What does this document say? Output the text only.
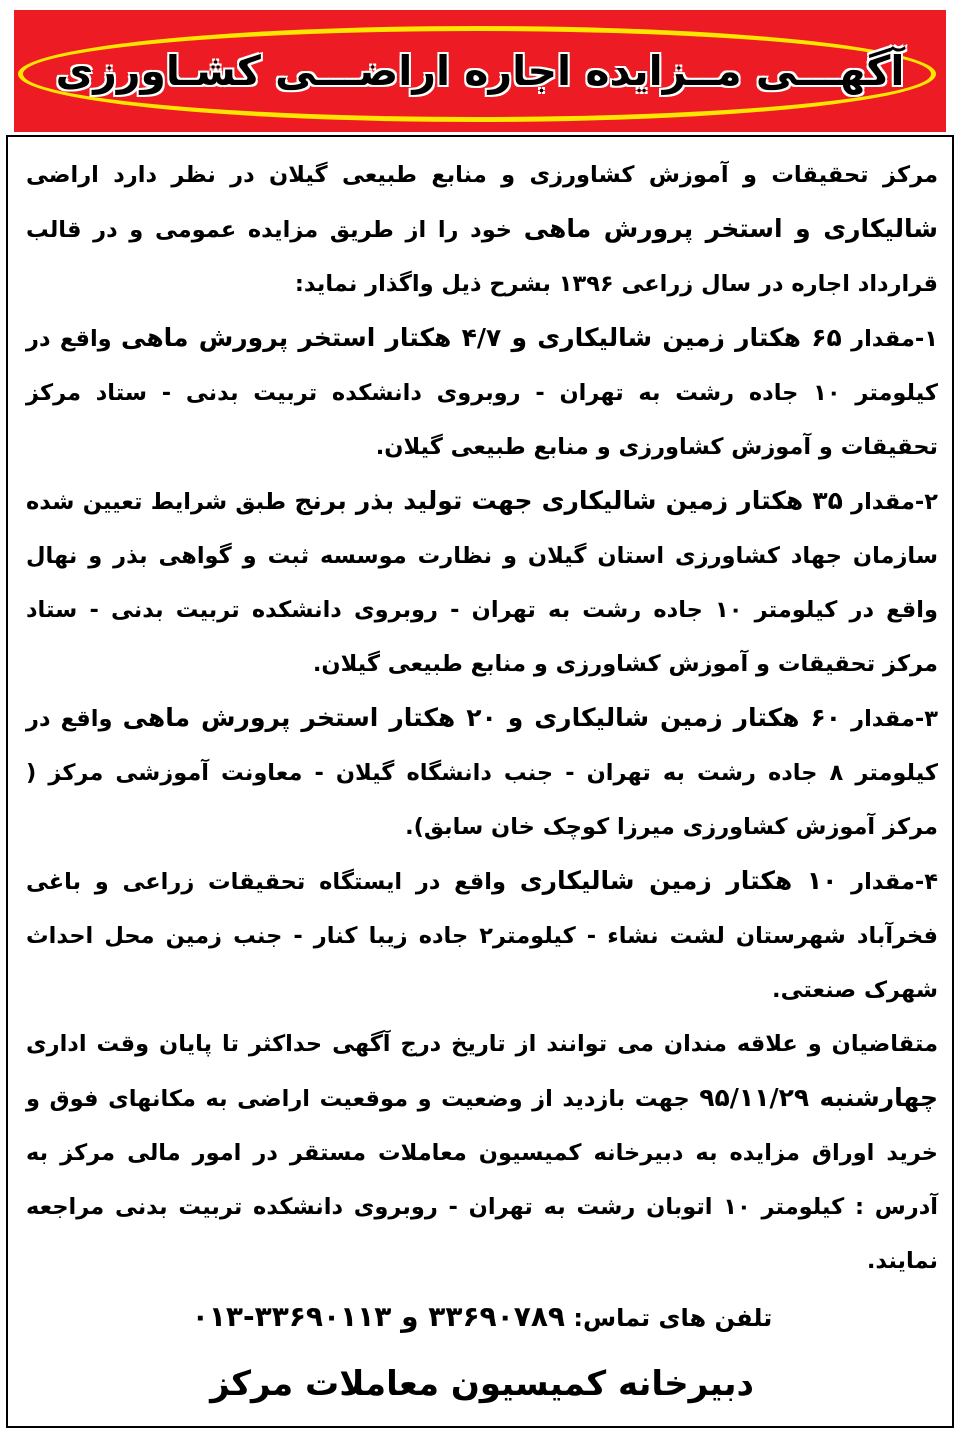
آگهـــی مــزایده اجاره اراضـــی کشـاورزی

مرکز تحقیقات و آموزش کشاورزی و منابع طبیعی گیلان در نظر دارد اراضی شالیکاری و استخر پرورش ماهی خود را از طریق مزایده عمومی و در قالب قرارداد اجاره در سال زراعی ۱۳۹۶ بشرح ذیل واگذار نماید:

۱-مقدار ۶۵ هکتار زمین شالیکاری و ۴/۷ هکتار استخر پرورش ماهی واقع در کیلومتر ۱۰ جاده رشت به تهران - روبروی دانشکده تربیت بدنی - ستاد مرکز تحقیقات و آموزش کشاورزی و منابع طبیعی گیلان.

۲-مقدار ۳۵ هکتار زمین شالیکاری جهت تولید بذر برنج طبق شرایط تعیین شده سازمان جهاد کشاورزی استان گیلان و نظارت موسسه ثبت و گواهی بذر و نهال واقع در کیلومتر ۱۰ جاده رشت به تهران - روبروی دانشکده تربیت بدنی - ستاد مرکز تحقیقات و آموزش کشاورزی و منابع طبیعی گیلان.

۳-مقدار ۶۰ هکتار زمین شالیکاری و ۲۰ هکتار استخر پرورش ماهی واقع در کیلومتر ۸ جاده رشت به تهران - جنب دانشگاه گیلان - معاونت آموزشی مرکز ( مرکز آموزش کشاورزی میرزا کوچک خان سابق).

۴-مقدار ۱۰ هکتار زمین شالیکاری واقع در ایستگاه تحقیقات زراعی و باغی فخرآباد شهرستان لشت نشاء - کیلومتر۲ جاده زیبا کنار - جنب زمین محل احداث شهرک صنعتی.

متقاضیان و علاقه مندان می توانند از تاریخ درج آگهی حداکثر تا پایان وقت اداری چهارشنبه ۹۵/۱۱/۲۹ جهت بازدید از وضعیت و موقعیت اراضی به مکانهای فوق و خرید اوراق مزایده به دبیرخانه کمیسیون معاملات مستقر در امور مالی مرکز به آدرس : کیلومتر ۱۰ اتوبان رشت به تهران - روبروی دانشکده تربیت بدنی مراجعه نمایند.

تلفن های تماس: ۳۳۶۹۰۷۸۹ و ۳۳۶۹۰۱۱۳-۰۱۳
دبیرخانه کمیسیون معاملات مرکز
